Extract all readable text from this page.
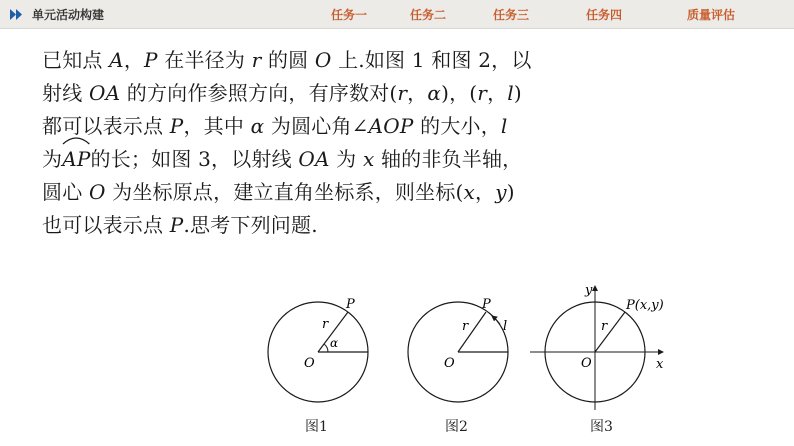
单元活动构建	任务一	任务二	任务三	任务四	质量评估
已知点 A，P 在半径为 r 的圆 O 上.如图 1 和图 2，以
射线 OA 的方向作参照方向，有序数对(r，α)，(r，l)
都可以表示点 P，其中 α 为圆心角∠AOP 的大小，l
为
AP的长；如图 3，以射线 OA 为 x 轴的非负半轴，
圆心 O 为坐标原点，建立直角坐标系，则坐标(x，y)
也可以表示点 P.思考下列问题.
P
r
O
α
图1
P
r
O
l
图2
P(x,y)
r
O	x
y
图3
